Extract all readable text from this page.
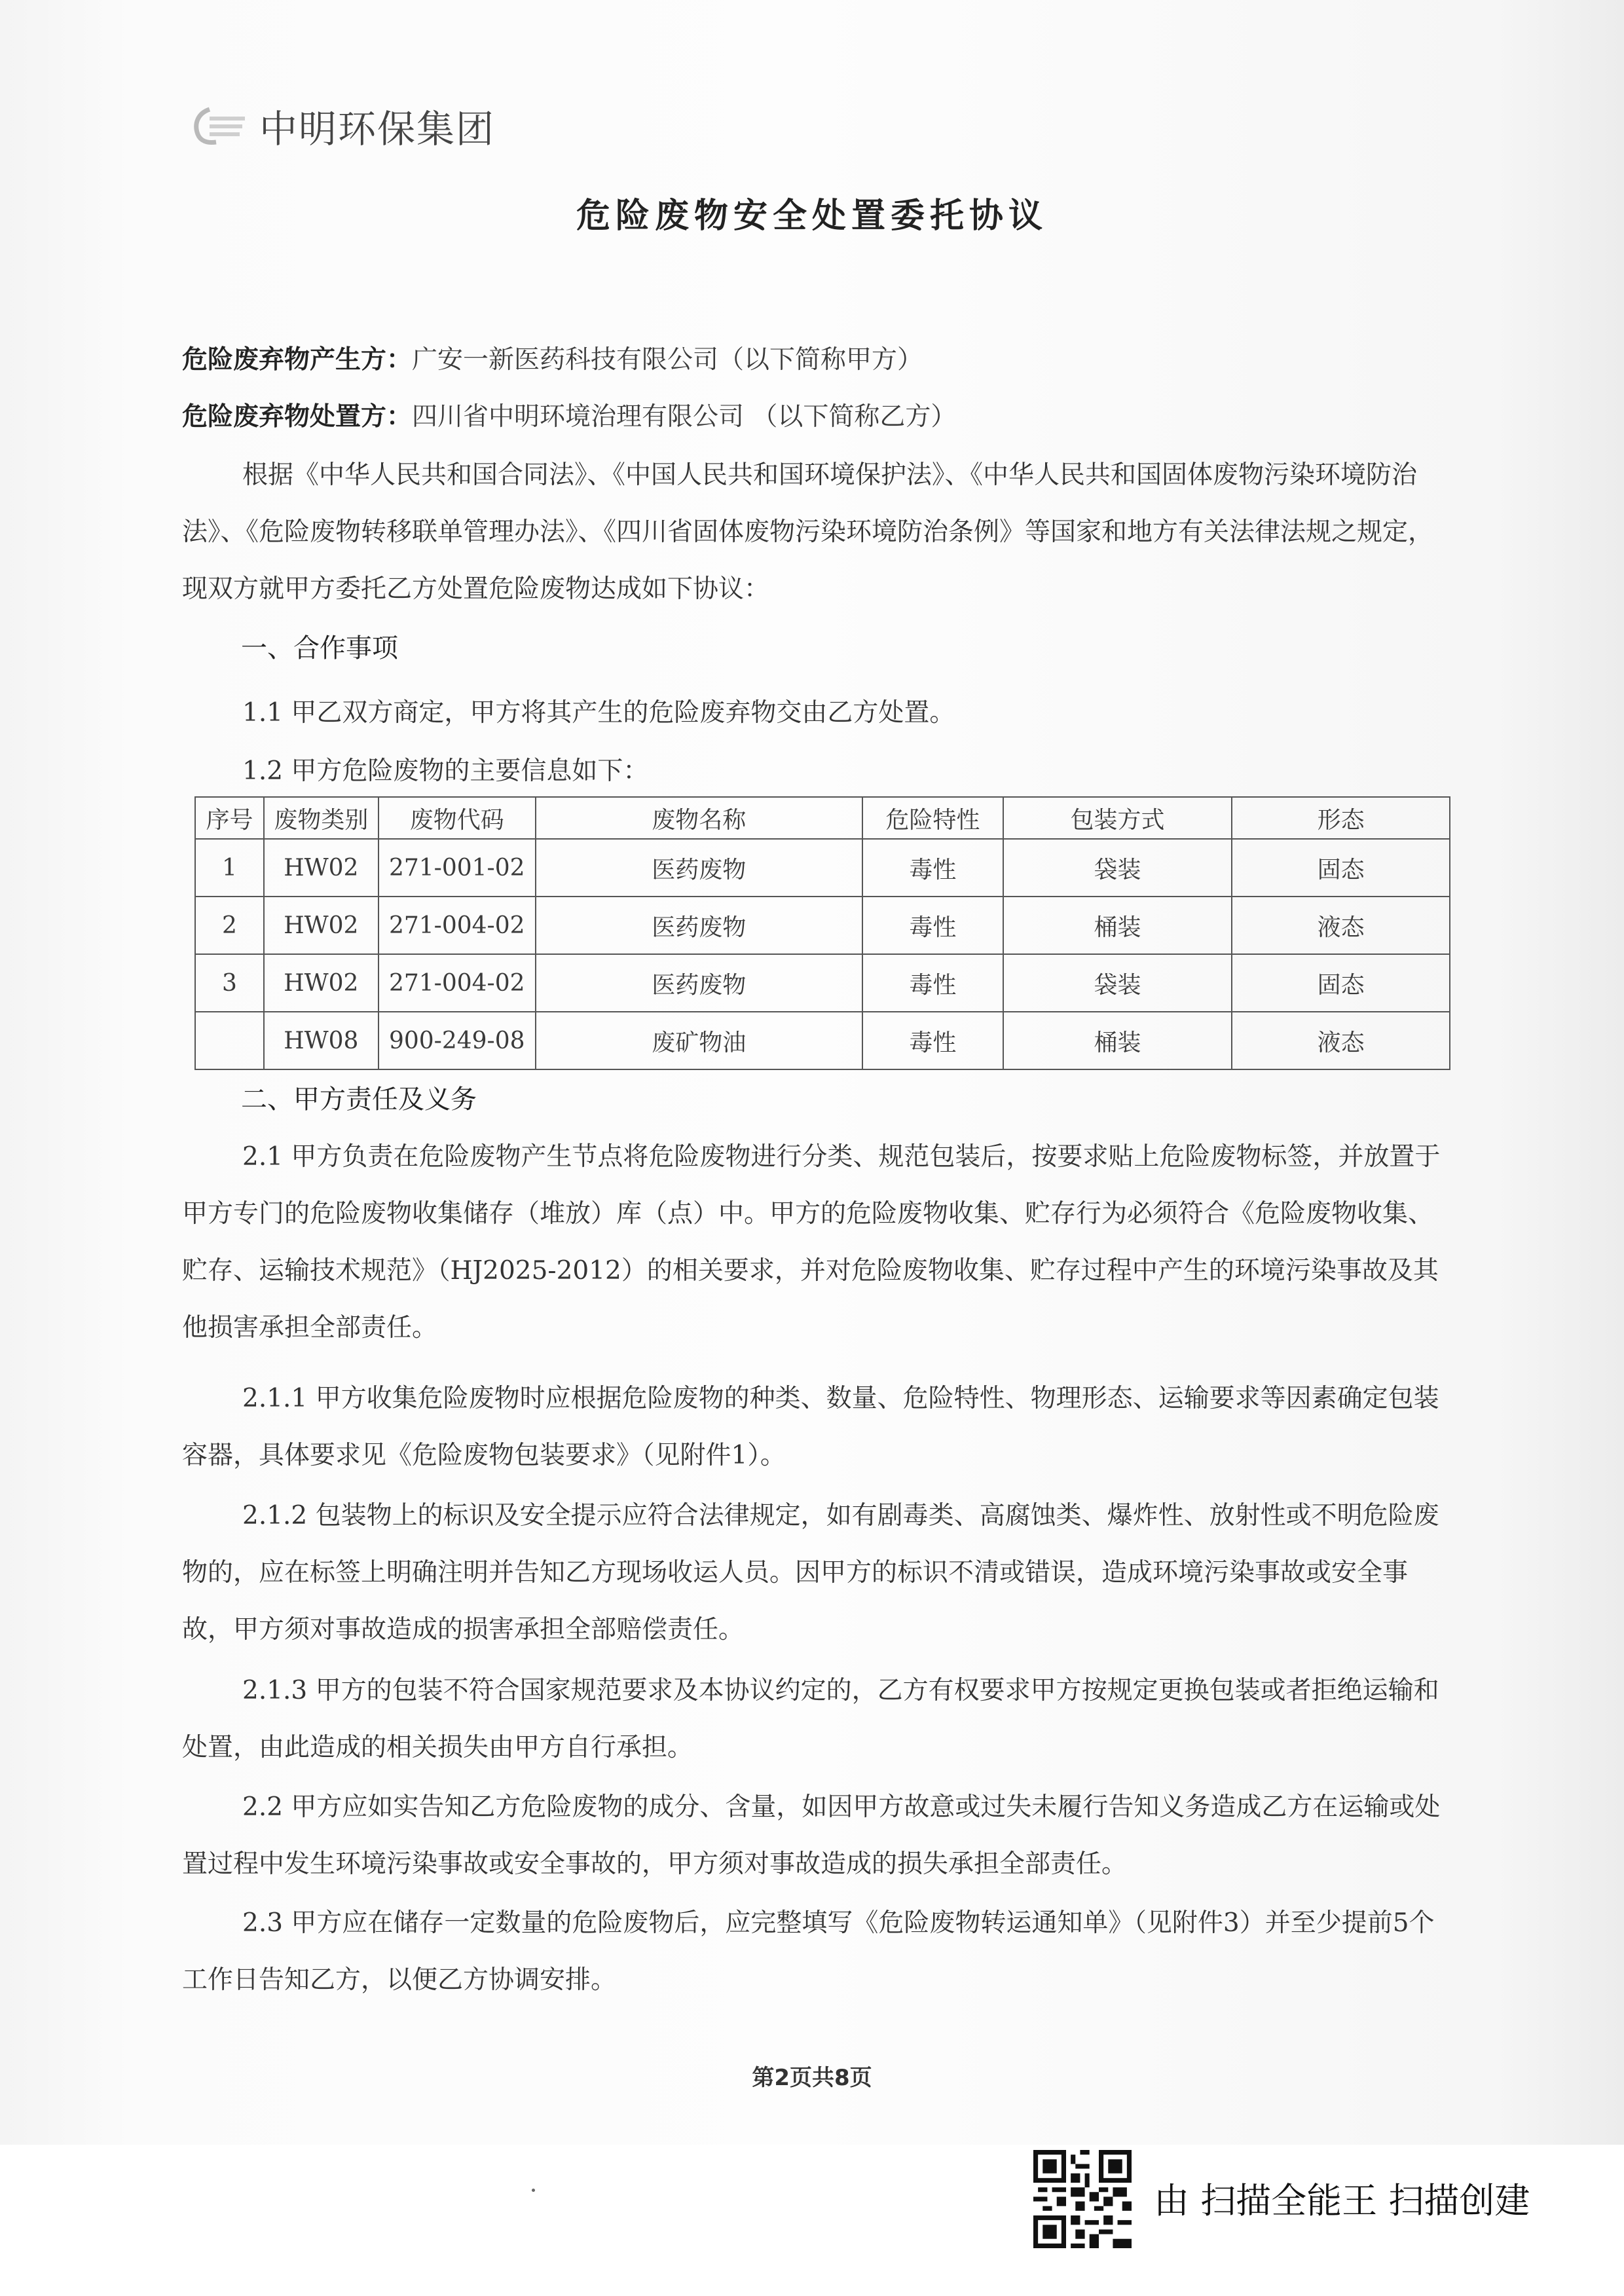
中明环保集团
危险废物安全处置委托协议
危险废弃物产生方：广安一新医药科技有限公司（以下简称甲方）
危险废弃物处置方：四川省中明环境治理有限公司 （以下简称乙方）
根据《中华人民共和国合同法》、《中国人民共和国环境保护法》、《中华人民共和国固体废物污染环境防治法》、《危险废物转移联单管理办法》、《四川省固体废物污染环境防治条例》等国家和地方有关法律法规之规定，现双方就甲方委托乙方处置危险废物达成如下协议：
一、合作事项
1.1 甲乙双方商定，甲方将其产生的危险废弃物交由乙方处置。
1.2 甲方危险废物的主要信息如下：
序号	废物类别	废物代码	废物名称	危险特性	包装方式	形态
1	HW02	271-001-02	医药废物	毒性	袋装	固态
2	HW02	271-004-02	医药废物	毒性	桶装	液态
3	HW02	271-004-02	医药废物	毒性	袋装	固态
	HW08	900-249-08	废矿物油	毒性	桶装	液态
二、甲方责任及义务
2.1 甲方负责在危险废物产生节点将危险废物进行分类、规范包装后，按要求贴上危险废物标签，并放置于甲方专门的危险废物收集储存（堆放）库（点）中。甲方的危险废物收集、贮存行为必须符合《危险废物收集、贮存、运输技术规范》（HJ2025-2012）的相关要求，并对危险废物收集、贮存过程中产生的环境污染事故及其他损害承担全部责任。
2.1.1 甲方收集危险废物时应根据危险废物的种类、数量、危险特性、物理形态、运输要求等因素确定包装容器，具体要求见《危险废物包装要求》（见附件1）。
2.1.2 包装物上的标识及安全提示应符合法律规定，如有剧毒类、高腐蚀类、爆炸性、放射性或不明危险废物的，应在标签上明确注明并告知乙方现场收运人员。因甲方的标识不清或错误，造成环境污染事故或安全事故，甲方须对事故造成的损害承担全部赔偿责任。
2.1.3 甲方的包装不符合国家规范要求及本协议约定的，乙方有权要求甲方按规定更换包装或者拒绝运输和处置，由此造成的相关损失由甲方自行承担。
2.2 甲方应如实告知乙方危险废物的成分、含量，如因甲方故意或过失未履行告知义务造成乙方在运输或处置过程中发生环境污染事故或安全事故的，甲方须对事故造成的损失承担全部责任。
2.3 甲方应在储存一定数量的危险废物后，应完整填写《危险废物转运通知单》（见附件3）并至少提前5个工作日告知乙方，以便乙方协调安排。
第2页共8页
由 扫描全能王 扫描创建
